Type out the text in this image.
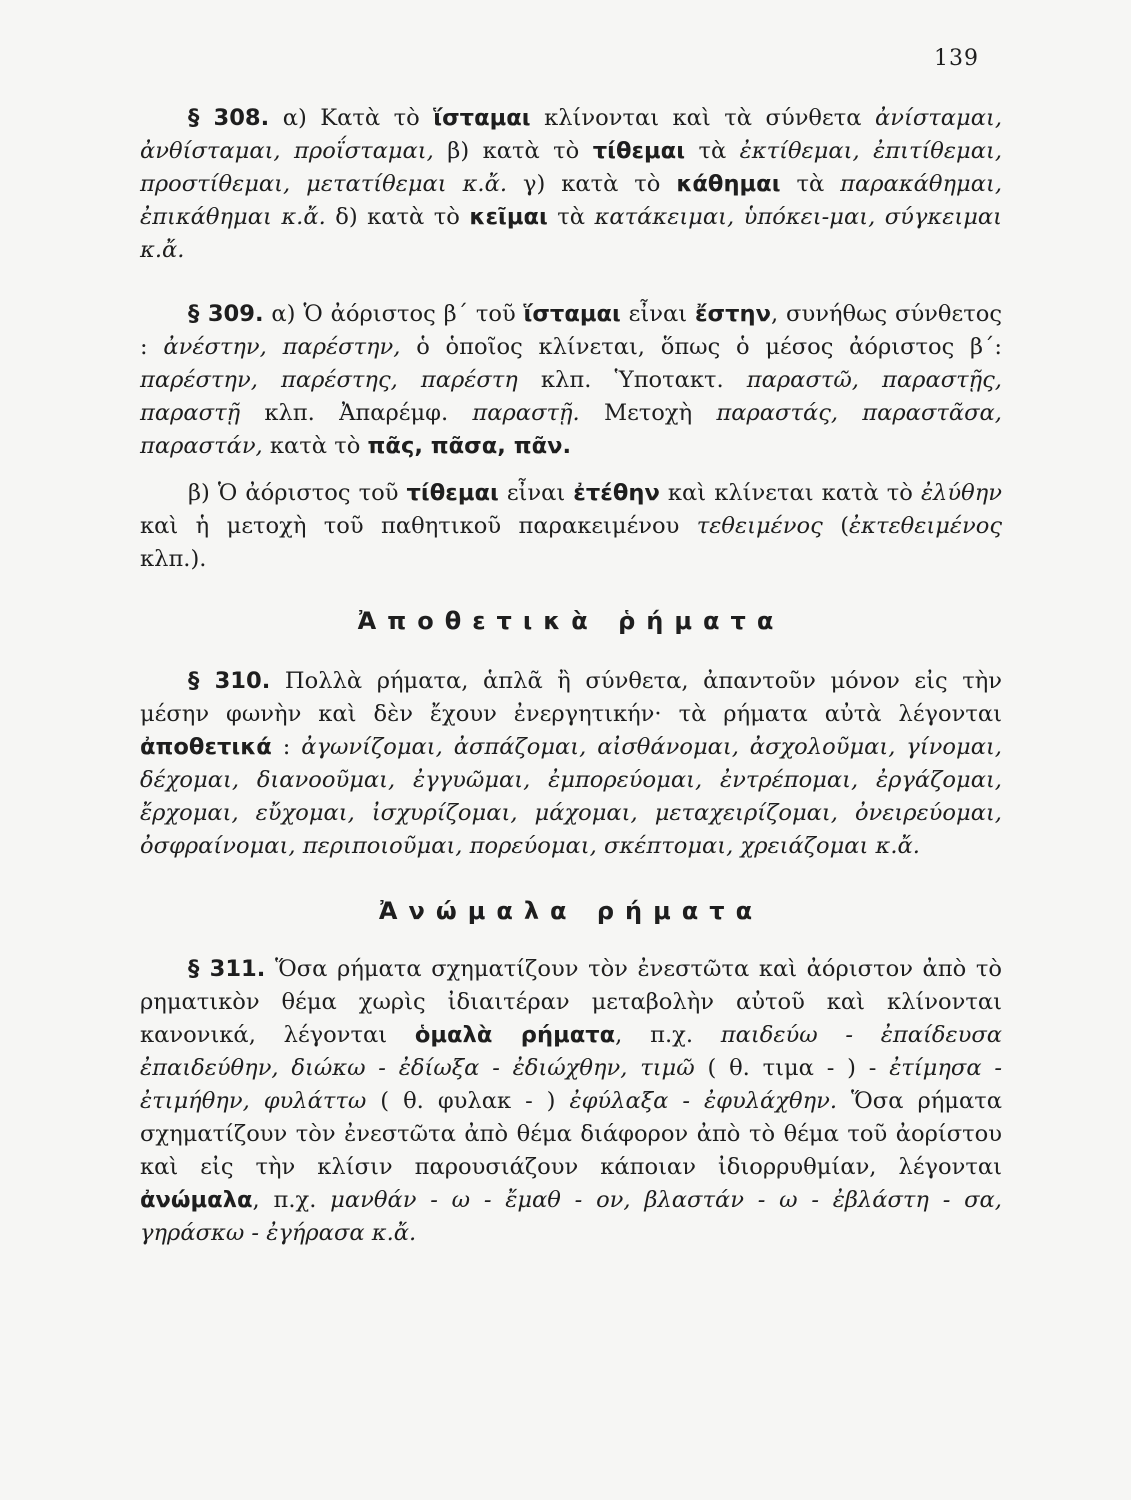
139

§ 308. α) Κατὰ τὸ ἵσταμαι κλίνονται καὶ τὰ σύνθετα ἀνίσταμαι, ἀνθίσταμαι, προΐσταμαι, β) κατὰ τὸ τίθεμαι τὰ ἐκτίθεμαι, ἐπιτίθεμαι, προστίθεμαι, μετατίθεμαι κ.ἄ. γ) κατὰ τὸ κάθημαι τὰ παρακάθημαι, ἐπικάθημαι κ.ἄ. δ) κατὰ τὸ κεῖμαι τὰ κατάκειμαι, ὑπόκει-μαι, σύγκειμαι κ.ἄ.

§ 309. α) Ὁ ἀόριστος β΄ τοῦ ἵσταμαι εἶναι ἔστην, συνήθως σύνθετος : ἀνέστην, παρέστην, ὁ ὁποῖος κλίνεται, ὅπως ὁ μέσος ἀόριστος β΄: παρέστην, παρέστης, παρέστη κλπ. Ὑποτακτ. παραστῶ, παραστῇς, παραστῇ κλπ. Ἀπαρέμφ. παραστῇ. Μετοχὴ παραστάς, παραστᾶσα, παραστάν, κατὰ τὸ πᾶς, πᾶσα, πᾶν.

β) Ὁ ἀόριστος τοῦ τίθεμαι εἶναι ἐτέθην καὶ κλίνεται κατὰ τὸ ἐλύθην καὶ ἡ μετοχὴ τοῦ παθητικοῦ παρακειμένου τεθειμένος (ἐκτεθειμένος κλπ.).

Ἀποθετικὰ ῥήματα

§ 310. Πολλὰ ρήματα, ἁπλᾶ ἢ σύνθετα, ἀπαντοῦν μόνον εἰς τὴν μέσην φωνὴν καὶ δὲν ἔχουν ἐνεργητικήν· τὰ ρήματα αὐτὰ λέγονται ἀποθετικά : ἀγωνίζομαι, ἀσπάζομαι, αἰσθάνομαι, ἀσχολοῦμαι, γίνομαι, δέχομαι, διανοοῦμαι, ἐγγυῶμαι, ἐμπορεύομαι, ἐντρέπομαι, ἐργάζομαι, ἔρχομαι, εὔχομαι, ἰσχυρίζομαι, μάχομαι, μεταχειρίζομαι, ὀνειρεύομαι, ὀσφραίνομαι, περιποιοῦμαι, πορεύομαι, σκέπτομαι, χρειάζομαι κ.ἄ.

Ἀνώμαλα ρήματα

§ 311. Ὅσα ρήματα σχηματίζουν τὸν ἐνεστῶτα καὶ ἀόριστον ἀπὸ τὸ ρηματικὸν θέμα χωρὶς ἰδιαιτέραν μεταβολὴν αὐτοῦ καὶ κλίνονται κανονικά, λέγονται ὁμαλὰ ρήματα, π.χ. παιδεύω - ἐπαίδευσα ἐπαιδεύθην, διώκω - ἐδίωξα - ἐδιώχθην, τιμῶ ( θ. τιμα - ) - ἐτίμησα - ἐτιμήθην, φυλάττω ( θ. φυλακ - ) ἐφύλαξα - ἐφυλάχθην. Ὅσα ρήματα σχηματίζουν τὸν ἐνεστῶτα ἀπὸ θέμα διάφορον ἀπὸ τὸ θέμα τοῦ ἀορίστου καὶ εἰς τὴν κλίσιν παρουσιάζουν κάποιαν ἰδιορρυθμίαν, λέγονται ἀνώμαλα, π.χ. μανθάν - ω - ἔμαθ - ον, βλαστάν - ω - ἐβλάστη - σα, γηράσκω - ἐγήρασα κ.ἄ.
